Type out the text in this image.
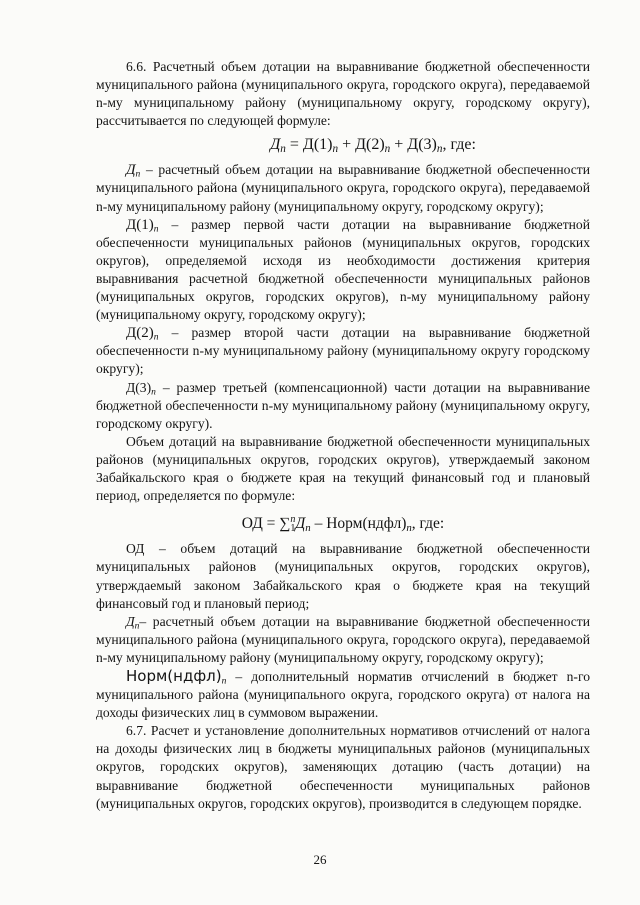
6.6. Расчетный объем дотации на выравнивание бюджетной обеспеченности муниципального района (муниципального округа, городского округа), передаваемой n-му муниципальному району (муниципальному округу, городскому округу), рассчитывается по следующей формуле:

$Д_n = Д(1)_n + Д(2)_n + Д(3)_n$, где:

$Д_n$ – расчетный объем дотации на выравнивание бюджетной обеспеченности муниципального района (муниципального округа, городского округа), передаваемой n-му муниципальному району (муниципальному округу, городскому округу);

$Д(1)_n$ – размер первой части дотации на выравнивание бюджетной обеспеченности муниципальных районов (муниципальных округов, городских округов), определяемой исходя из необходимости достижения критерия выравнивания расчетной бюджетной обеспеченности муниципальных районов (муниципальных округов, городских округов), n-му муниципальному району (муниципальному округу, городскому округу);

$Д(2)_n$ – размер второй части дотации на выравнивание бюджетной обеспеченности n-му муниципальному району (муниципальному округу городскому округу);

$Д(3)_n$ – размер третьей (компенсационной) части дотации на выравнивание бюджетной обеспеченности n-му муниципальному району (муниципальному округу, городскому округу).

Объем дотаций на выравнивание бюджетной обеспеченности муниципальных районов (муниципальных округов, городских округов), утверждаемый законом Забайкальского края о бюджете края на текущий финансовый год и плановый период, определяется по формуле:

ОД = $\sum^n_1Д_n$ – $Норм(ндфл)_n$, где:

ОД – объем дотаций на выравнивание бюджетной обеспеченности муниципальных районов (муниципальных округов, городских округов), утверждаемый законом Забайкальского края о бюджете края на текущий финансовый год и плановый период;

$Д_n-$ расчетный объем дотации на выравнивание бюджетной обеспеченности муниципального района (муниципального округа, городского округа), передаваемой n-му муниципальному району (муниципальному округу, городскому округу);

$Норм(ндфл)_n$ – дополнительный норматив отчислений в бюджет n-го муниципального района (муниципального округа, городского округа) от налога на доходы физических лиц в суммовом выражении.

6.7. Расчет и установление дополнительных нормативов отчислений от налога на доходы физических лиц в бюджеты муниципальных районов (муниципальных округов, городских округов), заменяющих дотацию (часть дотации) на выравнивание бюджетной обеспеченности муниципальных районов (муниципальных округов, городских округов), производится в следующем порядке.

26
